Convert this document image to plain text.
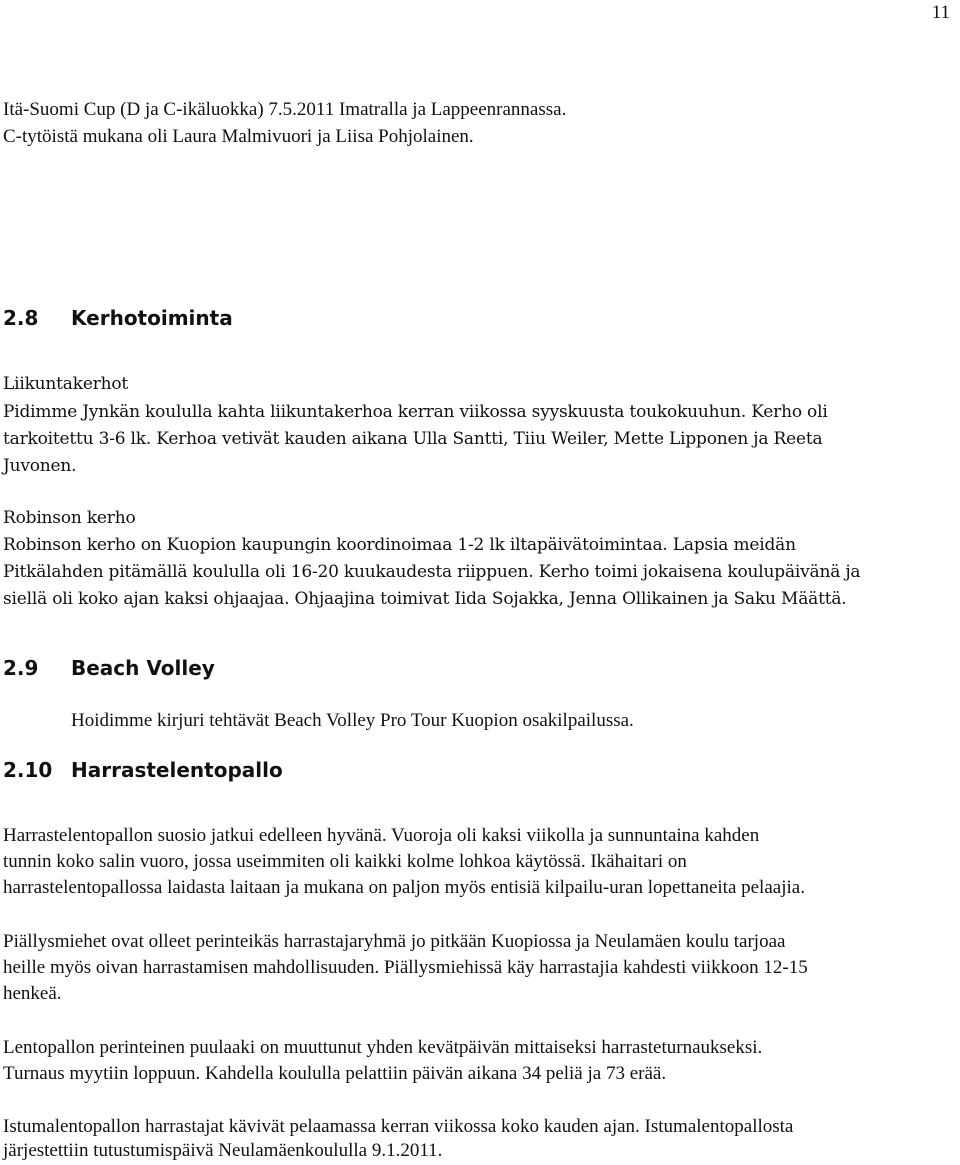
11
Itä-Suomi Cup (D ja C-ikäluokka) 7.5.2011 Imatralla ja Lappeenrannassa.
C-tytöistä mukana oli Laura Malmivuori ja Liisa Pohjolainen.
2.8 Kerhotoiminta
Liikuntakerhot
Pidimme Jynkän koululla kahta liikuntakerhoa kerran viikossa syyskuusta toukokuuhun. Kerho oli
tarkoitettu 3-6 lk. Kerhoa vetivät kauden aikana Ulla Santti, Tiiu Weiler, Mette Lipponen ja Reeta
Juvonen.
Robinson kerho
Robinson kerho on Kuopion kaupungin koordinoimaa 1-2 lk iltapäivätoimintaa. Lapsia meidän
Pitkälahden pitämällä koululla oli 16-20 kuukaudesta riippuen. Kerho toimi jokaisena koulupäivänä ja
siellä oli koko ajan kaksi ohjaajaa. Ohjaajina toimivat Iida Sojakka, Jenna Ollikainen ja Saku Määttä.
2.9 Beach Volley
Hoidimme kirjuri tehtävät Beach Volley Pro Tour Kuopion osakilpailussa.
2.10 Harrastelentopallo
Harrastelentopallon suosio jatkui edelleen hyvänä. Vuoroja oli kaksi viikolla ja sunnuntaina kahden
tunnin koko salin vuoro, jossa useimmiten oli kaikki kolme lohkoa käytössä. Ikähaitari on
harrastelentopallossa laidasta laitaan ja mukana on paljon myös entisiä kilpailu-uran lopettaneita pelaajia.
Piällysmiehet ovat olleet perinteikäs harrastajaryhmä jo pitkään Kuopiossa ja Neulamäen koulu tarjoaa
heille myös oivan harrastamisen mahdollisuuden. Piällysmiehissä käy harrastajia kahdesti viikkoon 12-15
henkeä.
Lentopallon perinteinen puulaaki on muuttunut yhden kevätpäivän mittaiseksi harrasteturnaukseksi.
Turnaus myytiin loppuun. Kahdella koululla pelattiin päivän aikana 34 peliä ja 73 erää.
Istumalentopallon harrastajat kävivät pelaamassa kerran viikossa koko kauden ajan. Istumalentopallosta
järjestettiin tutustumispäivä Neulamäenkoululla 9.1.2011.
